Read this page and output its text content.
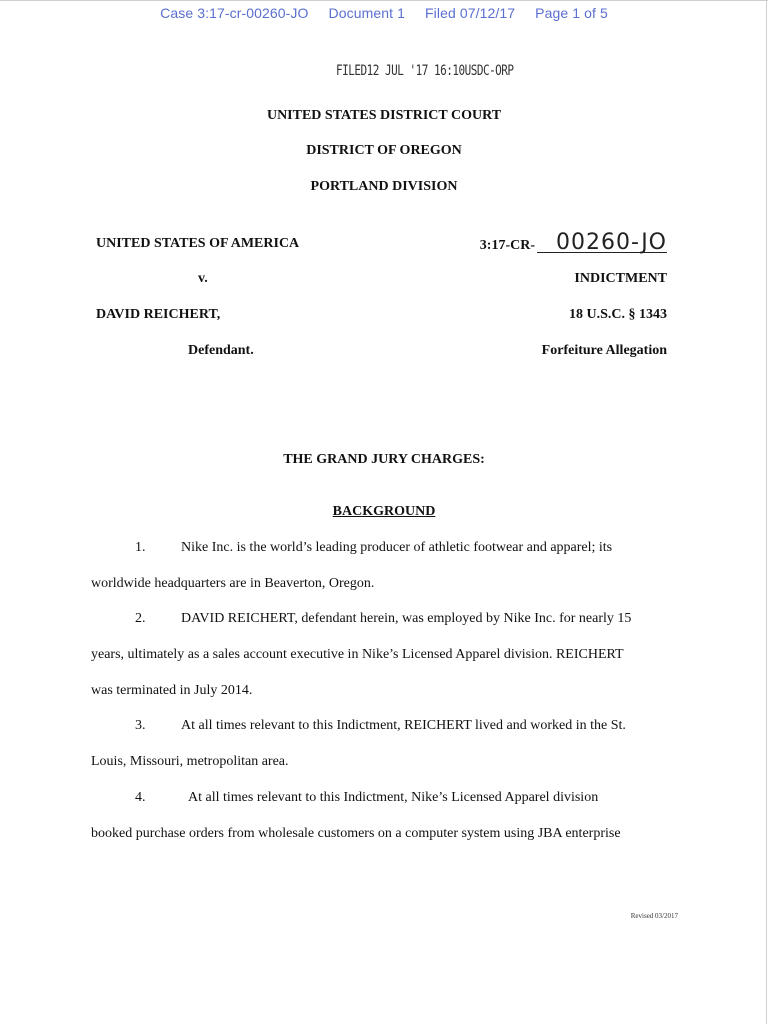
Case 3:17-cr-00260-JO Document 1 Filed 07/12/17 Page 1 of 5
FILED12 JUL '17 16:10USDC-ORP
UNITED STATES DISTRICT COURT
DISTRICT OF OREGON
PORTLAND DIVISION
UNITED STATES OF AMERICA
v.
DAVID REICHERT,
Defendant.
3:17-CR- 00260-JO
INDICTMENT
18 U.S.C. § 1343
Forfeiture Allegation
THE GRAND JURY CHARGES:
BACKGROUND
1.	Nike Inc. is the world’s leading producer of athletic footwear and apparel; its
worldwide headquarters are in Beaverton, Oregon.
2.	DAVID REICHERT, defendant herein, was employed by Nike Inc. for nearly 15
years, ultimately as a sales account executive in Nike’s Licensed Apparel division. REICHERT
was terminated in July 2014.
3.	At all times relevant to this Indictment, REICHERT lived and worked in the St.
Louis, Missouri, metropolitan area.
4.	At all times relevant to this Indictment, Nike’s Licensed Apparel division
booked purchase orders from wholesale customers on a computer system using JBA enterprise
Revised 03/2017
